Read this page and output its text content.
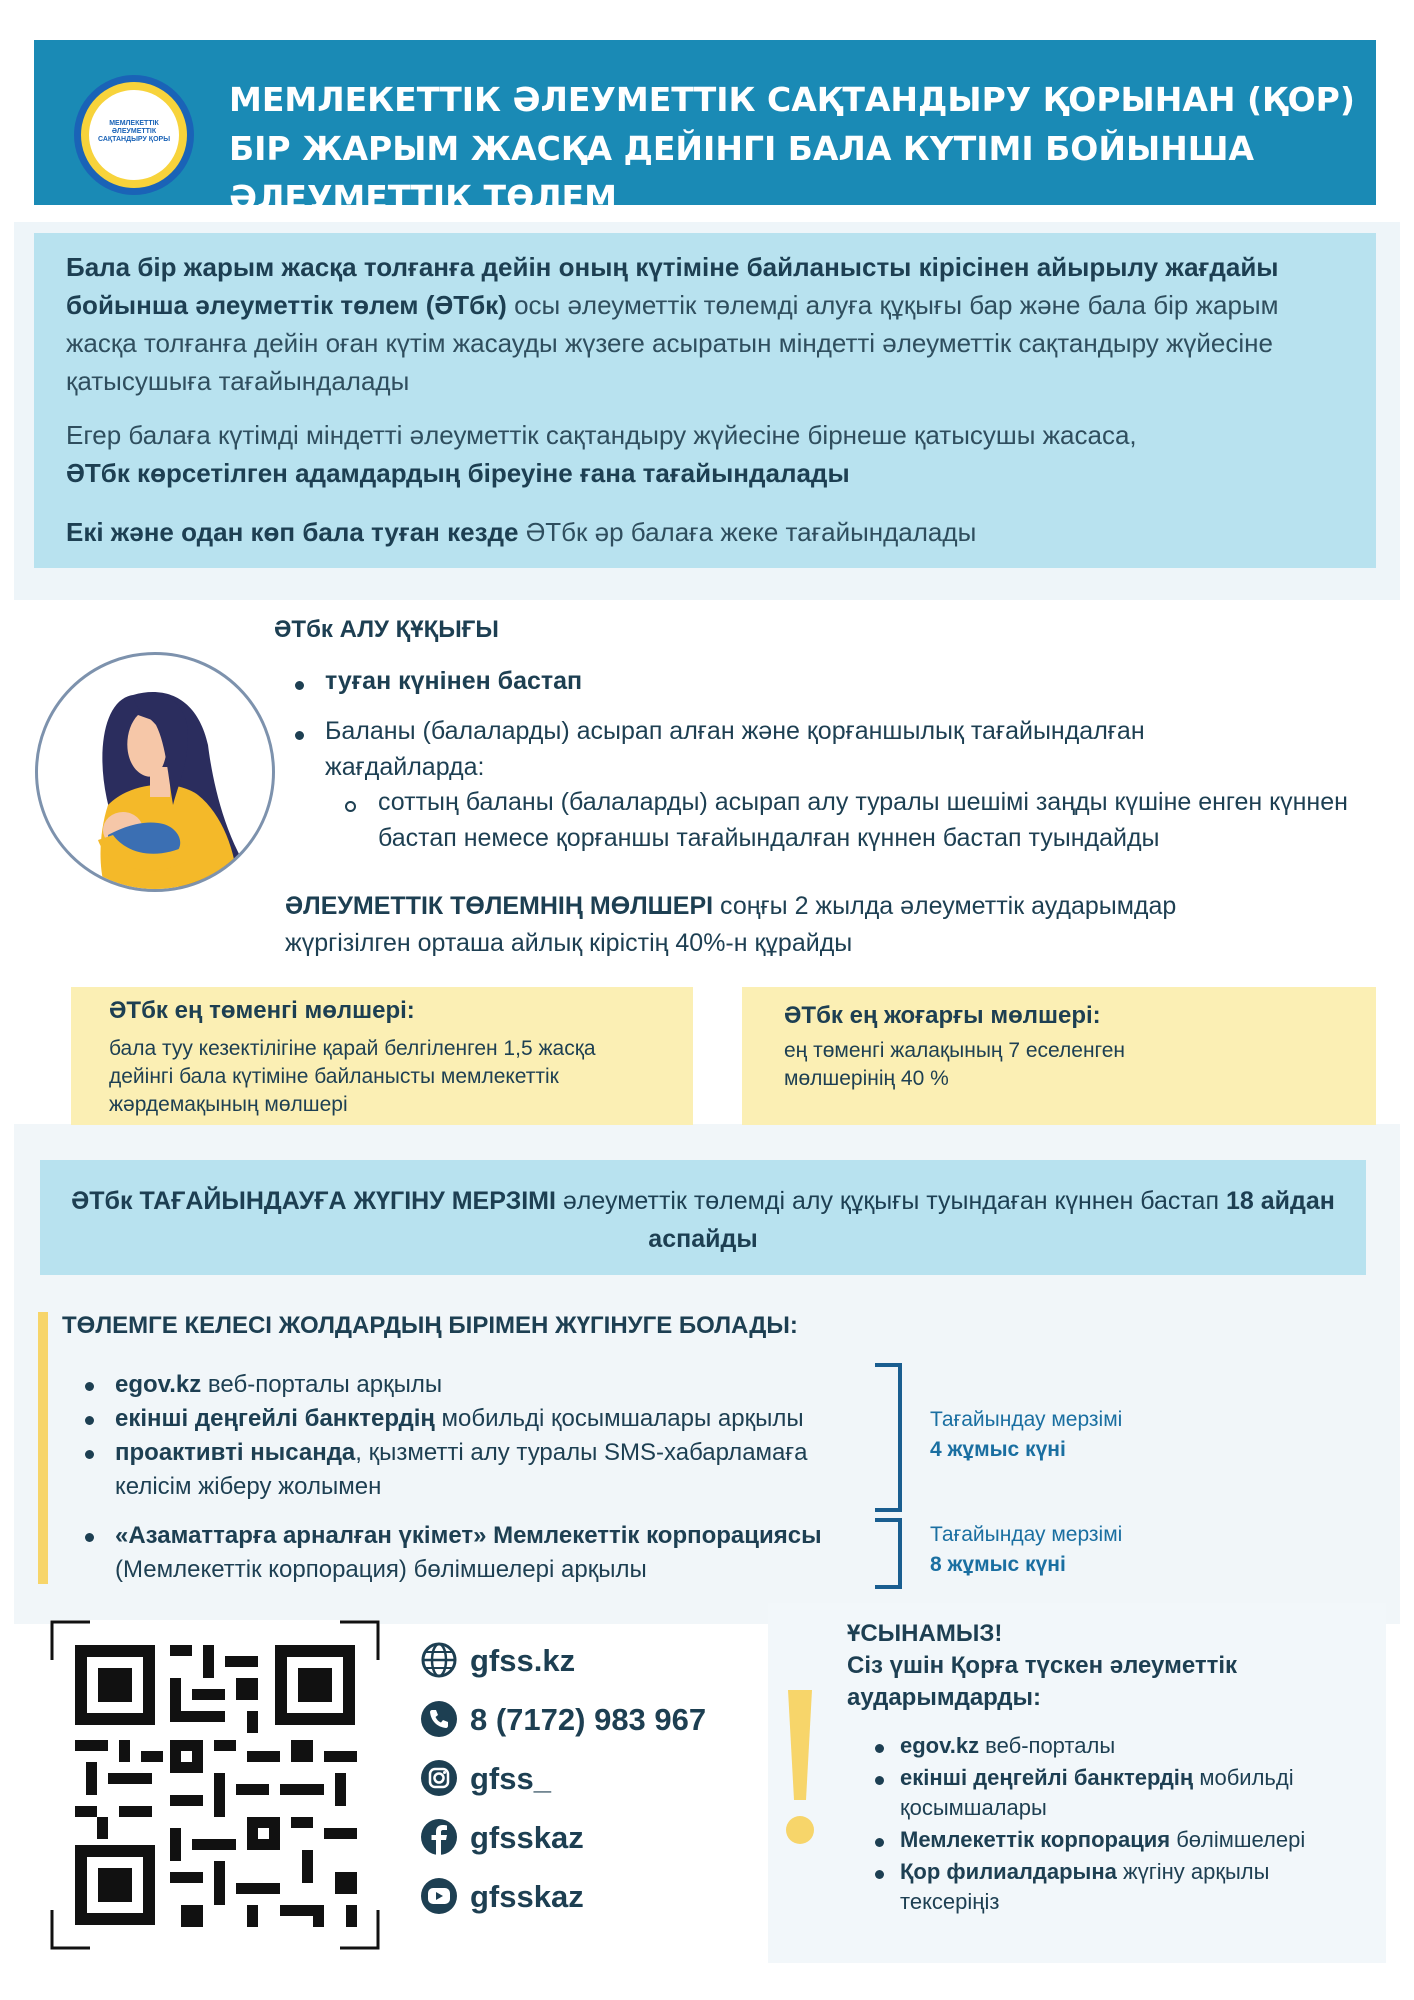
МЕМЛЕКЕТТІК ӘЛЕУМЕТТІК САҚТАНДЫРУ ҚОРЫ
МЕМЛЕКЕТТІК ӘЛЕУМЕТТІК САҚТАНДЫРУ ҚОРЫНАН (ҚОР)
БІР ЖАРЫМ ЖАСҚА ДЕЙІНГІ БАЛА КҮТІМІ БОЙЫНША
ӘЛЕУМЕТТІК ТӨЛЕМ

Бала бір жарым жасқа толғанға дейін оның күтіміне байланысты кірісінен айырылу жағдайы бойынша әлеуметтік төлем (ӘТбк) осы әлеуметтік төлемді алуға құқығы бар және бала бір жарым жасқа толғанға дейін оған күтім жасауды жүзеге асыратын міндетті әлеуметтік сақтандыру жүйесіне қатысушыға тағайындалады

Егер балаға күтімді міндетті әлеуметтік сақтандыру жүйесіне бірнеше қатысушы жасаса,
ӘТбк көрсетілген адамдардың біреуіне ғана тағайындалады

Екі және одан көп бала туған кезде ӘТбк әр балаға жеке тағайындалады

ӘТбк АЛУ ҚҰҚЫҒЫ
туған күнінен бастап
Баланы (балаларды) асырап алған және қорғаншылық тағайындалған жағдайларда:
соттың баланы (балаларды) асырап алу туралы шешімі заңды күшіне енген күннен бастап немесе қорғаншы тағайындалған күннен бастап туындайды
ӘЛЕУМЕТТІК ТӨЛЕМНІҢ МӨЛШЕРІ соңғы 2 жылда әлеуметтік аударымдар жүргізілген орташа айлық кірістің 40%-н құрайды
ӘТбк ең төменгі мөлшері:
бала туу кезектілігіне қарай белгіленген 1,5 жасқа дейінгі бала күтіміне байланысты мемлекеттік жәрдемақының мөлшері
ӘТбк ең жоғарғы мөлшері:
ең төменгі жалақының 7 еселенген мөлшерінің 40 %
ӘТбк ТАҒАЙЫНДАУҒА ЖҮГІНУ МЕРЗІМІ әлеуметтік төлемді алу құқығы туындаған күннен бастап 18 айдан аспайды
ТӨЛЕМГЕ КЕЛЕСІ ЖОЛДАРДЫҢ БІРІМЕН ЖҮГІНУГЕ БОЛАДЫ:
egov.kz веб-порталы арқылы
екінші деңгейлі банктердің мобильді қосымшалары арқылы
проактивті нысанда, қызметті алу туралы SMS-хабарламаға келісім жіберу жолымен
«Азаматтарға арналған үкімет» Мемлекеттік корпорациясы (Мемлекеттік корпорация) бөлімшелері арқылы
Тағайындау мерзімі
4 жұмыс күні
Тағайындау мерзімі
8 жұмыс күні
gfss.kz
8 (7172) 983 967
gfss_
gfsskaz
gfsskaz
ҰСЫНАМЫЗ!
Сіз үшін Қорға түскен әлеуметтік аударымдарды:
egov.kz веб-порталы
екінші деңгейлі банктердің мобильді қосымшалары
Мемлекеттік корпорация бөлімшелері
Қор филиалдарына жүгіну арқылы тексеріңіз
